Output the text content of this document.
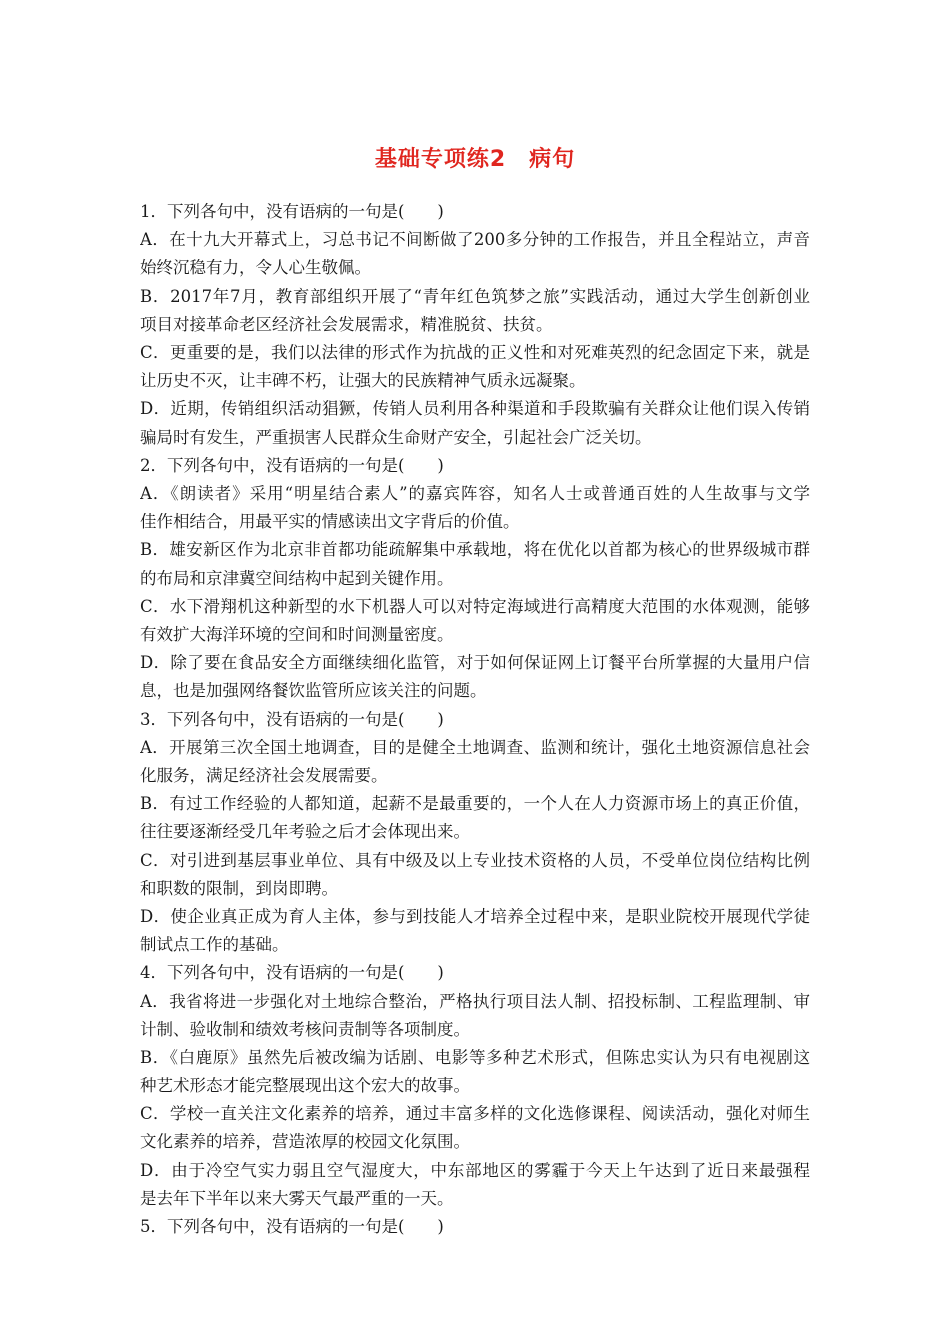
基础专项练2　病句
1．下列各句中，没有语病的一句是(　　)
A．在十九大开幕式上，习总书记不间断做了200多分钟的工作报告，并且全程站立，声音
始终沉稳有力，令人心生敬佩。
B．2017年7月，教育部组织开展了“青年红色筑梦之旅”实践活动，通过大学生创新创业
项目对接革命老区经济社会发展需求，精准脱贫、扶贫。
C．更重要的是，我们以法律的形式作为抗战的正义性和对死难英烈的纪念固定下来，就是
让历史不灭，让丰碑不朽，让强大的民族精神气质永远凝聚。
D．近期，传销组织活动猖獗，传销人员利用各种渠道和手段欺骗有关群众让他们误入传销
骗局时有发生，严重损害人民群众生命财产安全，引起社会广泛关切。
2．下列各句中，没有语病的一句是(　　)
A．《朗读者》采用“明星结合素人”的嘉宾阵容，知名人士或普通百姓的人生故事与文学
佳作相结合，用最平实的情感读出文字背后的价值。
B．雄安新区作为北京非首都功能疏解集中承载地，将在优化以首都为核心的世界级城市群
的布局和京津冀空间结构中起到关键作用。
C．水下滑翔机这种新型的水下机器人可以对特定海域进行高精度大范围的水体观测，能够
有效扩大海洋环境的空间和时间测量密度。
D．除了要在食品安全方面继续细化监管，对于如何保证网上订餐平台所掌握的大量用户信
息，也是加强网络餐饮监管所应该关注的问题。
3．下列各句中，没有语病的一句是(　　)
A．开展第三次全国土地调查，目的是健全土地调查、监测和统计，强化土地资源信息社会
化服务，满足经济社会发展需要。
B．有过工作经验的人都知道，起薪不是最重要的，一个人在人力资源市场上的真正价值，
往往要逐渐经受几年考验之后才会体现出来。
C．对引进到基层事业单位、具有中级及以上专业技术资格的人员，不受单位岗位结构比例
和职数的限制，到岗即聘。
D．使企业真正成为育人主体，参与到技能人才培养全过程中来，是职业院校开展现代学徒
制试点工作的基础。
4．下列各句中，没有语病的一句是(　　)
A．我省将进一步强化对土地综合整治，严格执行项目法人制、招投标制、工程监理制、审
计制、验收制和绩效考核问责制等各项制度。
B．《白鹿原》虽然先后被改编为话剧、电影等多种艺术形式，但陈忠实认为只有电视剧这
种艺术形态才能完整展现出这个宏大的故事。
C．学校一直关注文化素养的培养，通过丰富多样的文化选修课程、阅读活动，强化对师生
文化素养的培养，营造浓厚的校园文化氛围。
D．由于冷空气实力弱且空气湿度大，中东部地区的雾霾于今天上午达到了近日来最强程
是去年下半年以来大雾天气最严重的一天。
5．下列各句中，没有语病的一句是(　　)
